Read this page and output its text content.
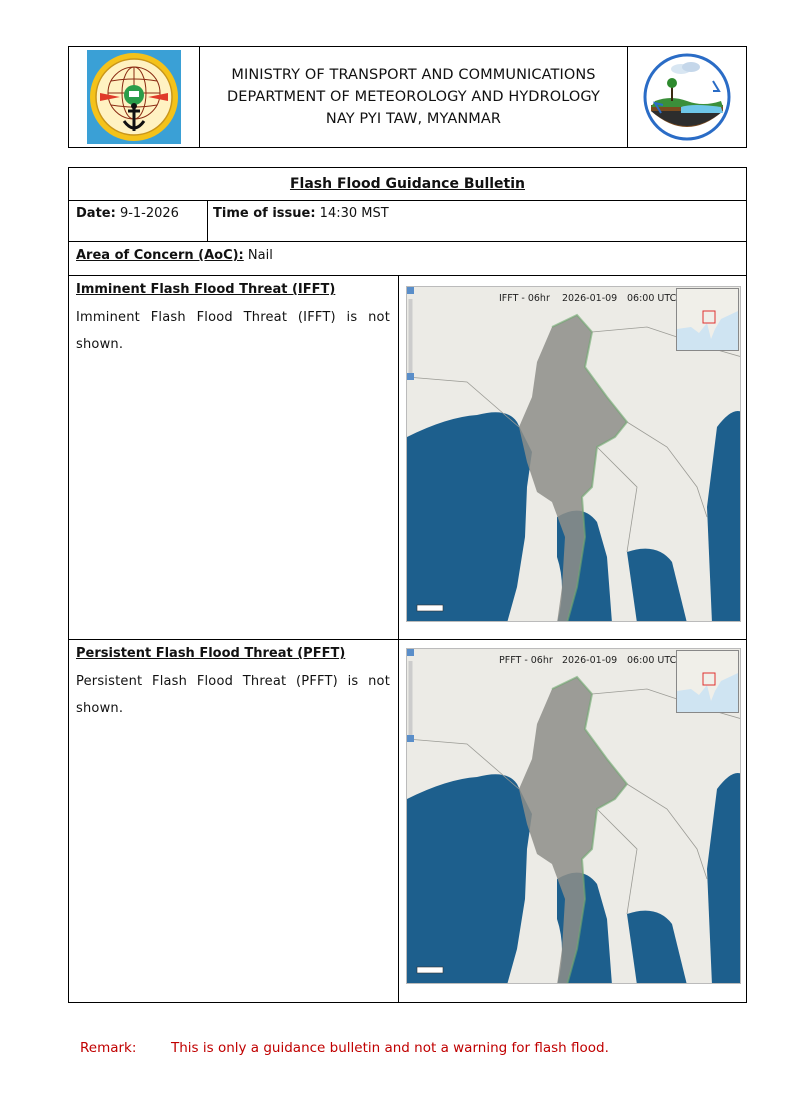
MINISTRY OF TRANSPORT AND COMMUNICATIONS
DEPARTMENT OF METEOROLOGY AND HYDROLOGY
NAY PYI TAW, MYANMAR
Flash Flood Guidance Bulletin
Date: 9-1-2026	Time of issue: 14:30 MST
Area of Concern (AoC): Nail
Imminent Flash Flood Threat (IFFT)
Imminent Flash Flood Threat (IFFT) is not shown.
IFFT - 06hr 2026-01-09 06:00 UTC
Persistent Flash Flood Threat (PFFT)
Persistent Flash Flood Threat (PFFT) is not shown.
PFFT - 06hr 2026-01-09 06:00 UTC
Remark:	This is only a guidance bulletin and not a warning for flash flood.
